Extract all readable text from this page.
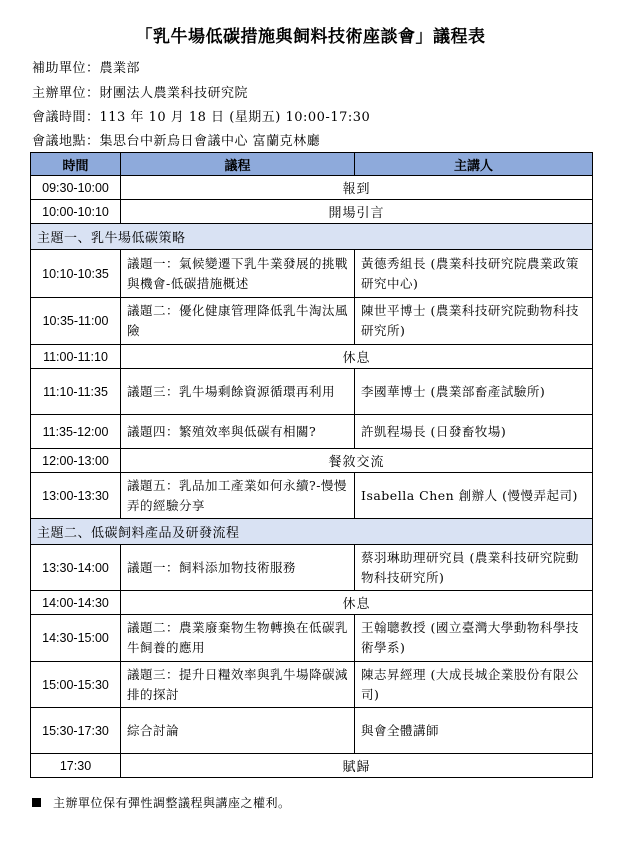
「乳牛場低碳措施與飼料技術座談會」議程表
補助單位：農業部
主辦單位：財團法人農業科技研究院
會議時間：113 年 10 月 18 日 (星期五) 10:00-17:30
會議地點：集思台中新烏日會議中心 富蘭克林廳
時間	議程	主講人
09:30-10:00	報到	
10:00-10:10	開場引言	
主題一、乳牛場低碳策略		
10:10-10:35	議題一：氣候變遷下乳牛業發展的挑戰與機會-低碳措施概述	黃德秀組長 (農業科技研究院農業政策研究中心)
10:35-11:00	議題二：優化健康管理降低乳牛淘汰風險	陳世平博士 (農業科技研究院動物科技研究所)
11:00-11:10	休息	
11:10-11:35	議題三：乳牛場剩餘資源循環再利用	李國華博士 (農業部畜產試驗所)
11:35-12:00	議題四：繁殖效率與低碳有相關?	許凱程場長 (日發畜牧場)
12:00-13:00	餐敘交流	
13:00-13:30	議題五：乳品加工產業如何永續?-慢慢弄的經驗分享	Isabella Chen 創辦人 (慢慢弄起司)
主題二、低碳飼料產品及研發流程		
13:30-14:00	議題一：飼料添加物技術服務	蔡羽琳助理研究員 (農業科技研究院動物科技研究所)
14:00-14:30	休息	
14:30-15:00	議題二：農業廢棄物生物轉換在低碳乳牛飼養的應用	王翰聰教授 (國立臺灣大學動物科學技術學系)
15:00-15:30	議題三：提升日糧效率與乳牛場降碳減排的探討	陳志昇經理 (大成長城企業股份有限公司)
15:30-17:30	綜合討論	與會全體講師
17:30	賦歸	
主辦單位保有彈性調整議程與講座之權利。
